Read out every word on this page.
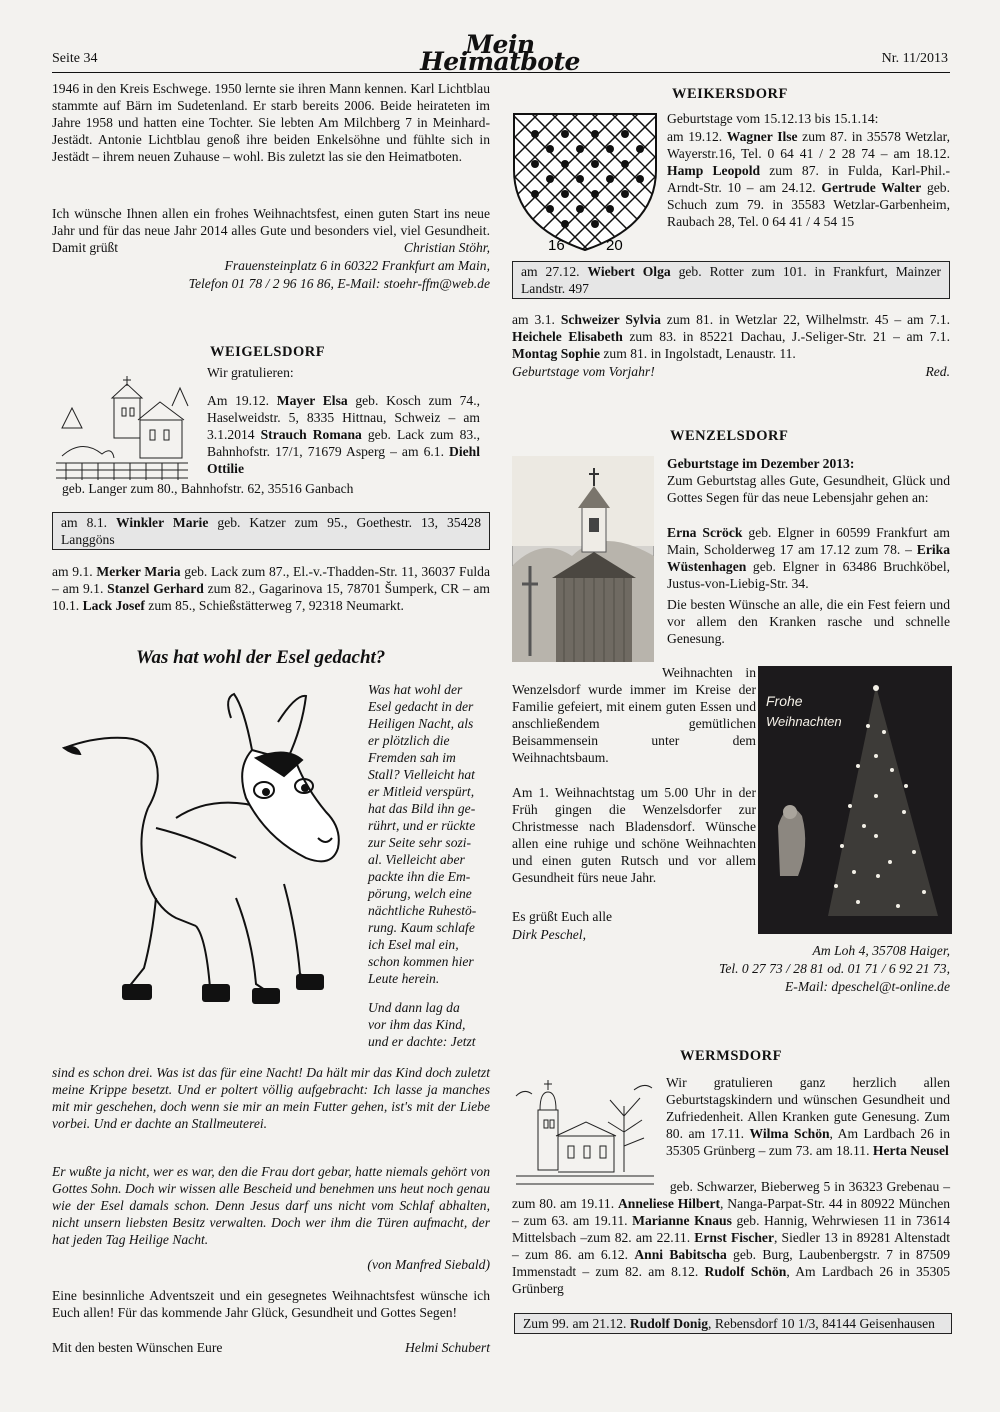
Seite 34	Mein Heimatbote	Nr. 11/2013

1946 in den Kreis Eschwege. 1950 lernte sie ihren Mann kennen. Karl Lichtblau stammte auf Bärn im Sudetenland. Er starb bereits 2006. Beide heirateten im Jahre 1958 und hatten eine Tochter. Sie lebten Am Milchberg 7 in Meinhard-Jestädt. Antonie Lichtblau genoß ihre beiden Enkelsöhne und fühlte sich in Jestädt – ihrem neuen Zuhause – wohl. Bis zuletzt las sie den Heimatboten.

Ich wünsche Ihnen allen ein frohes Weihnachtsfest, einen guten Start ins neue Jahr und für das neue Jahr 2014 alles Gute und besonders viel, viel Gesundheit. Damit grüßt	Christian Stöhr,
Frauensteinplatz 6 in 60322 Frankfurt am Main,
Telefon 01 78 / 2 96 16 86, E-Mail: stoehr-ffm@web.de
WEIGELSDORF
Wir gratulieren:

Am 19.12. Mayer Elsa geb. Kosch zum 74., Haselweidstr. 5, 8335 Hittnau, Schweiz – am 3.1.2014 Strauch Romana geb. Lack zum 83., Bahnhofstr. 17/1, 71679 Asperg – am 6.1. Diehl Ottilie

geb. Langer zum 80., Bahnhofstr. 62, 35516 Ganbach
am 8.1. Winkler Marie geb. Katzer zum 95., Goethestr. 13, 35428 Langgöns

am 9.1. Merker Maria geb. Lack zum 87., El.-v.-Thadden-Str. 11, 36037 Fulda – am 9.1. Stanzel Gerhard zum 82., Gagarinova 15, 78701 Šumperk, CR – am 10.1. Lack Josef zum 85., Schießstätterweg 7, 92318 Neumarkt.

Was hat wohl der Esel gedacht?
Was hat wohl der
Esel gedacht in der
Heiligen Nacht, als
er plötzlich die
Fremden sah im
Stall? Vielleicht hat
er Mitleid verspürt,
hat das Bild ihn ge-
rührt, und er rückte
zur Seite sehr sozi-
al. Vielleicht aber
packte ihn die Em-
pörung, welch eine
nächtliche Ruhestö-
rung. Kaum schlafe
ich Esel mal ein,
schon kommen hier
Leute herein.
Und dann lag da
vor ihm das Kind,
und er dachte: Jetzt

sind es schon drei. Was ist das für eine Nacht! Da hält mir das Kind doch zuletzt meine Krippe besetzt. Und er poltert völlig aufgebracht: Ich lasse ja manches mit mir geschehen, doch wenn sie mir an mein Futter gehen, ist's mit der Liebe vorbei. Und er dachte an Stallmeuterei.

Er wußte ja nicht, wer es war, den die Frau dort gebar, hatte niemals gehört von Gottes Sohn. Doch wir wissen alle Bescheid und benehmen uns heut noch genau wie der Esel damals schon. Denn Jesus darf uns nicht vom Schlaf abhalten, nicht unsern liebsten Besitz verwalten. Doch wer ihm die Türen aufmacht, der hat jeden Tag Heilige Nacht.

(von Manfred Siebald)

Eine besinnliche Adventszeit und ein gesegnetes Weihnachtsfest wünsche ich Euch allen! Für das kommende Jahr Glück, Gesundheit und Gottes Segen!

Mit den besten Wünschen Eure	Helmi Schubert
WEIKERSDORF
16	20
Geburtstage vom 15.12.13 bis 15.1.14:

am 19.12. Wagner Ilse zum 87. in 35578 Wetzlar, Wayerstr.16, Tel. 0 64 41 / 2 28 74 – am 18.12. Hamp Leopold zum 87. in Fulda, Karl-Phil.-Arndt-Str. 10 – am 24.12. Gertrude Walter geb. Schuch zum 79. in 35583 Wetzlar-Garbenheim, Raubach 28, Tel. 0 64 41 / 4 54 15

am 27.12. Wiebert Olga geb. Rotter zum 101. in Frankfurt, Mainzer Landstr. 497

am 3.1. Schweizer Sylvia zum 81. in Wetzlar 22, Wilhelmstr. 45 – am 7.1. Heichele Elisabeth zum 83. in 85221 Dachau, J.-Seliger-Str. 21 – am 7.1. Montag Sophie zum 81. in Ingolstadt, Lenaustr. 11.

Geburtstage vom Vorjahr!	Red.
WENZELSDORF
Geburtstage im Dezember 2013:

Zum Geburtstag alles Gute, Gesundheit, Glück und Gottes Segen für das neue Lebensjahr gehen an:

Erna Scröck geb. Elgner in 60599 Frankfurt am Main, Scholderweg 17 am 17.12 zum 78. – Erika Wüstenhagen geb. Elgner in 63486 Bruchköbel, Justus-von-Liebig-Str. 34.

Die besten Wünsche an alle, die ein Fest feiern und vor allem den Kranken rasche und schnelle Genesung.

Weihnachten in Wenzelsdorf wurde immer im Kreise der Familie gefeiert, mit einem guten Essen und anschließendem gemütlichen Beisammensein unter dem Weihnachtsbaum.

Am 1. Weihnachtstag um 5.00 Uhr in der Früh gingen die Wenzelsdorfer zur Christmesse nach Bladensdorf. Wünsche allen eine ruhige und schöne Weihnachten und einen guten Rutsch und vor allem Gesundheit fürs neue Jahr.

Es grüßt Euch alle
Dirk Peschel,
Frohe
Weihnachten
Am Loh 4, 35708 Haiger,
Tel. 0 27 73 / 28 81 od. 01 71 / 6 92 21 73,
E-Mail: dpeschel@t-online.de
WERMSDORF

Wir gratulieren ganz herzlich allen Geburtstagskindern und wünschen Gesundheit und Zufriedenheit. Allen Kranken gute Genesung. Zum 80. am 17.11. Wilma Schön, Am Lardbach 26 in 35305 Grünberg – zum 73. am 18.11. Herta Neusel

geb. Schwarzer, Bieberweg 5 in 36323 Grebenau – zum 80. am 19.11. Anneliese Hilbert, Nanga-Parpat-Str. 44 in 80922 München – zum 63. am 19.11. Marianne Knaus geb. Hannig, Wehrwiesen 11 in 73614 Mittelsbach –zum 82. am 22.11. Ernst Fischer, Siedler 13 in 89281 Altenstadt – zum 86. am 6.12. Anni Babitscha geb. Burg, Laubenbergstr. 7 in 87509 Immenstadt – zum 82. am 8.12. Rudolf Schön, Am Lardbach 26 in 35305 Grünberg

Zum 99. am 21.12. Rudolf Donig, Rebensdorf 10 1/3, 84144 Geisenhausen
